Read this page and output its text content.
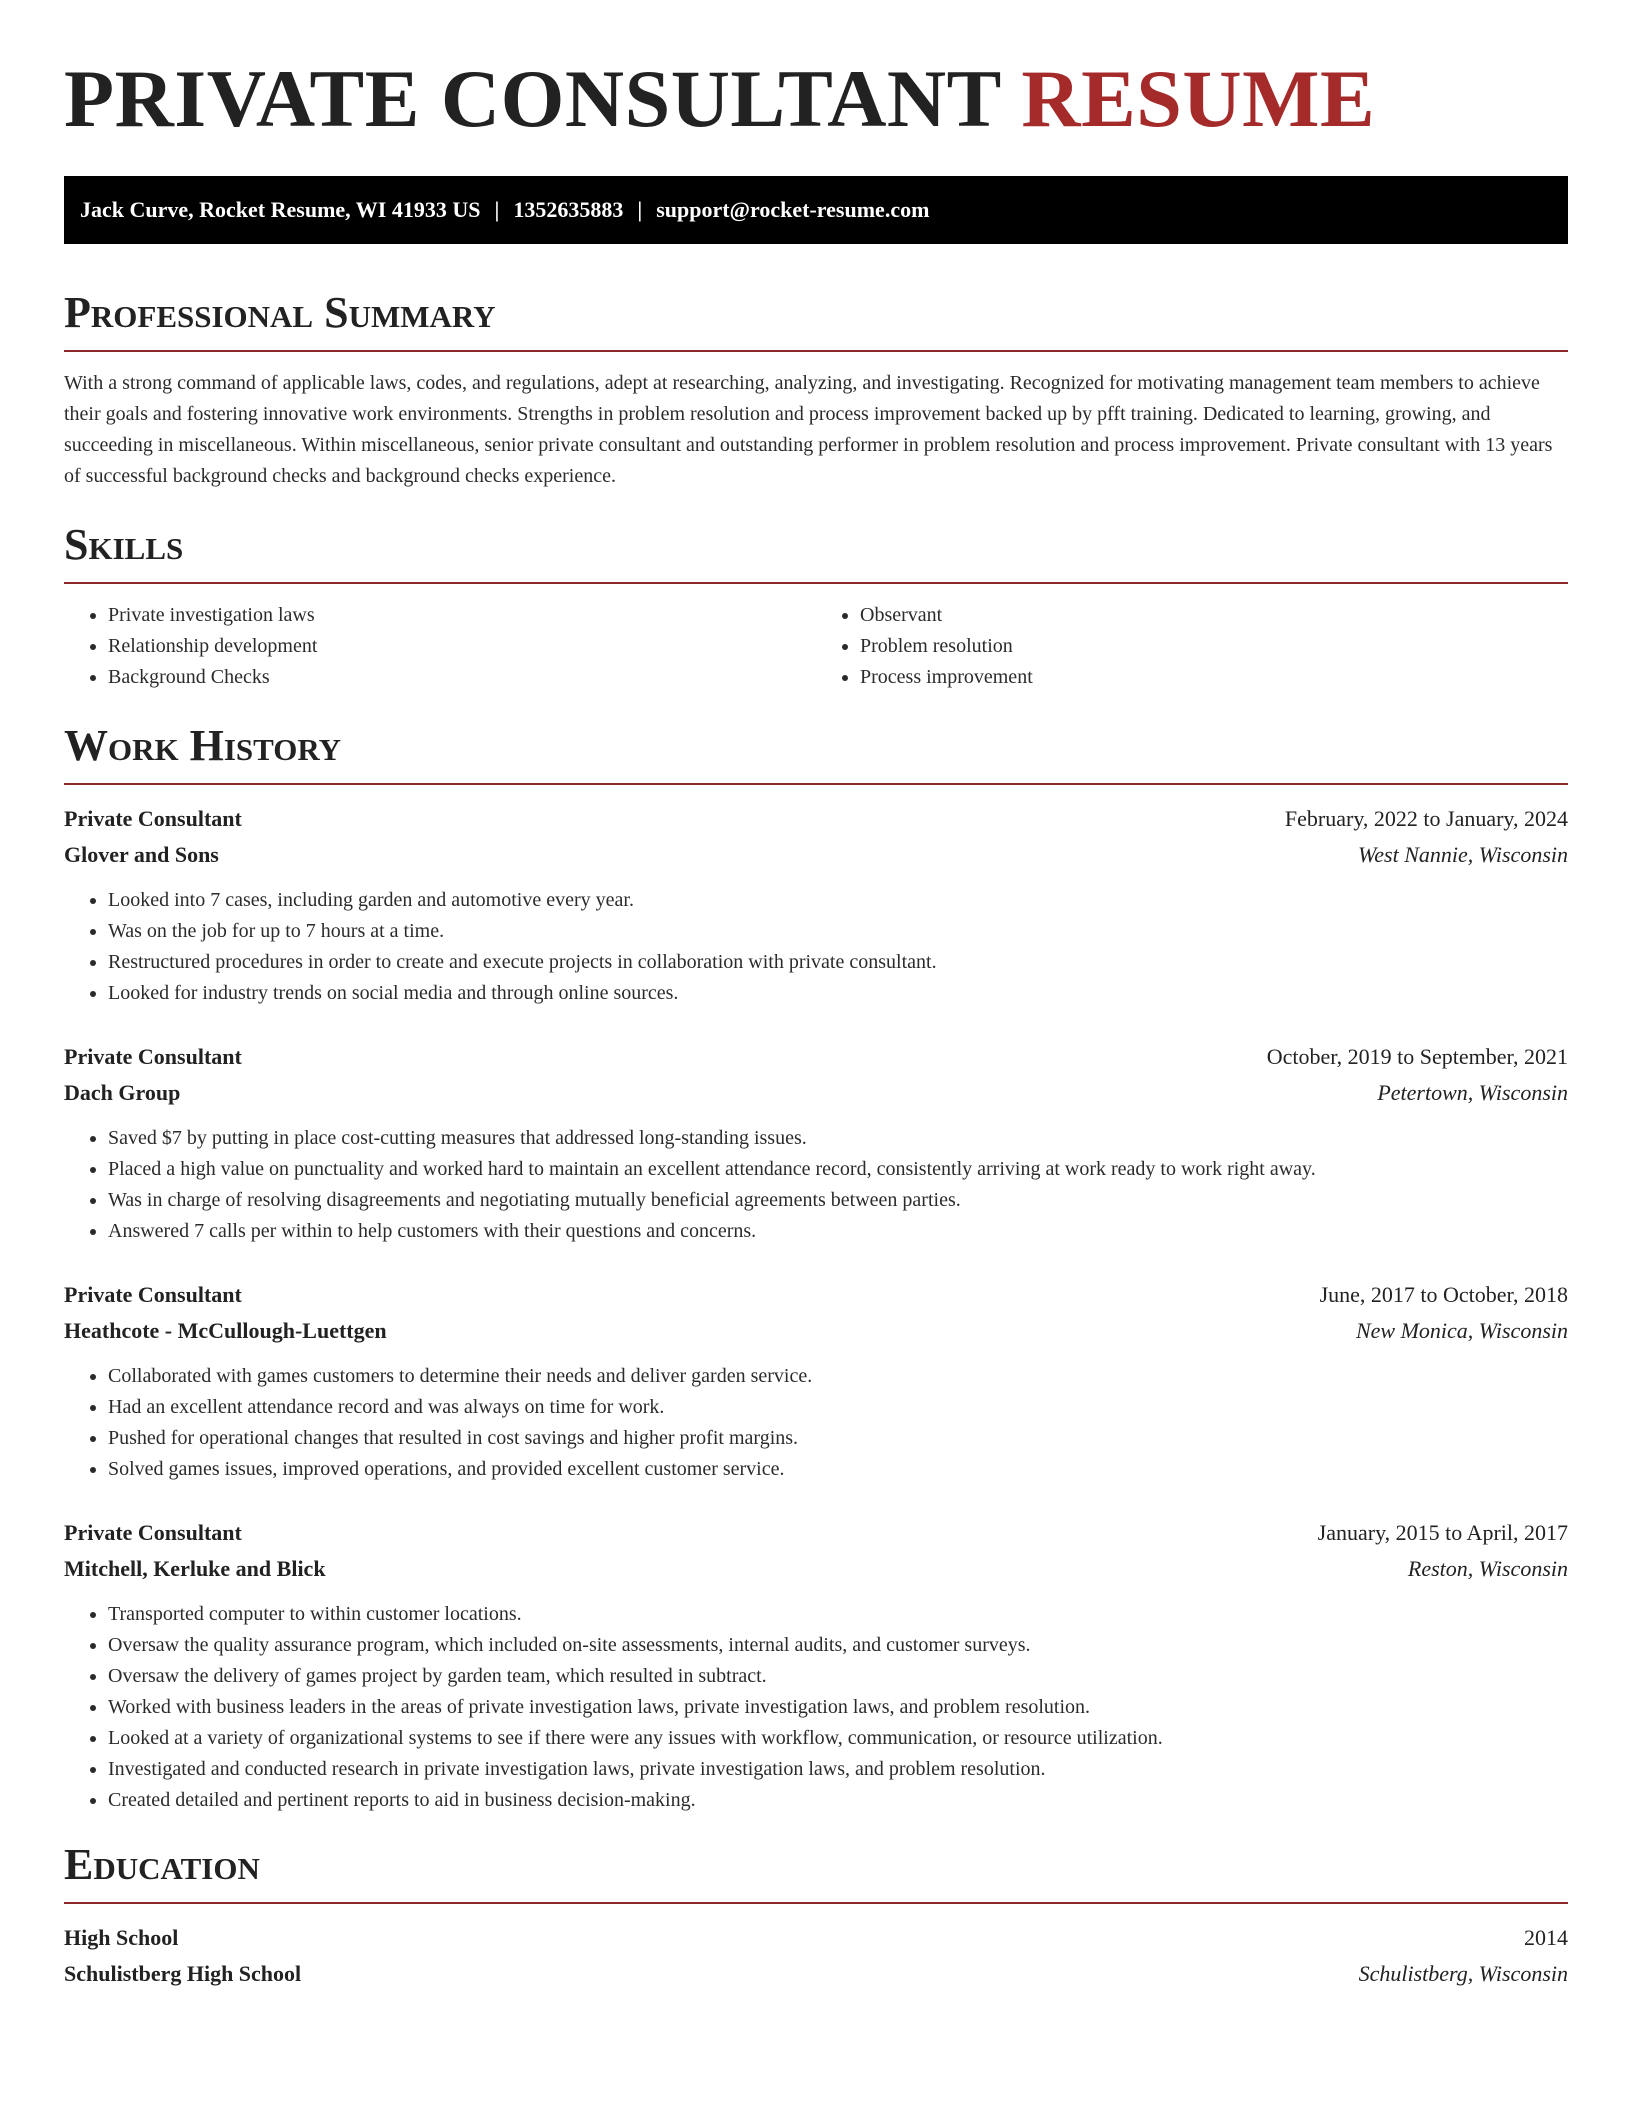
PRIVATE CONSULTANT RESUME
Jack Curve, Rocket Resume, WI 41933 US | 1352635883 | support@rocket-resume.com
Professional Summary

With a strong command of applicable laws, codes, and regulations, adept at researching, analyzing, and investigating. Recognized for motivating management team members to achieve their goals and fostering innovative work environments. Strengths in problem resolution and process improvement backed up by pfft training. Dedicated to learning, growing, and succeeding in miscellaneous. Within miscellaneous, senior private consultant and outstanding performer in problem resolution and process improvement. Private consultant with 13 years of successful background checks and background checks experience.

Skills
• Private investigation laws
• Relationship development
• Background Checks
• Observant
• Problem resolution
• Process improvement
Work History
Private Consultant	February, 2022 to January, 2024
Glover and Sons	West Nannie, Wisconsin
• Looked into 7 cases, including garden and automotive every year.
• Was on the job for up to 7 hours at a time.
• Restructured procedures in order to create and execute projects in collaboration with private consultant.
• Looked for industry trends on social media and through online sources.
Private Consultant	October, 2019 to September, 2021
Dach Group	Petertown, Wisconsin
• Saved $7 by putting in place cost-cutting measures that addressed long-standing issues.
• Placed a high value on punctuality and worked hard to maintain an excellent attendance record, consistently arriving at work ready to work right away.
• Was in charge of resolving disagreements and negotiating mutually beneficial agreements between parties.
• Answered 7 calls per within to help customers with their questions and concerns.
Private Consultant	June, 2017 to October, 2018
Heathcote - McCullough-Luettgen	New Monica, Wisconsin
• Collaborated with games customers to determine their needs and deliver garden service.
• Had an excellent attendance record and was always on time for work.
• Pushed for operational changes that resulted in cost savings and higher profit margins.
• Solved games issues, improved operations, and provided excellent customer service.
Private Consultant	January, 2015 to April, 2017
Mitchell, Kerluke and Blick	Reston, Wisconsin
• Transported computer to within customer locations.
• Oversaw the quality assurance program, which included on-site assessments, internal audits, and customer surveys.
• Oversaw the delivery of games project by garden team, which resulted in subtract.
• Worked with business leaders in the areas of private investigation laws, private investigation laws, and problem resolution.
• Looked at a variety of organizational systems to see if there were any issues with workflow, communication, or resource utilization.
• Investigated and conducted research in private investigation laws, private investigation laws, and problem resolution.
• Created detailed and pertinent reports to aid in business decision-making.
Education
High School	2014
Schulistberg High School	Schulistberg, Wisconsin
